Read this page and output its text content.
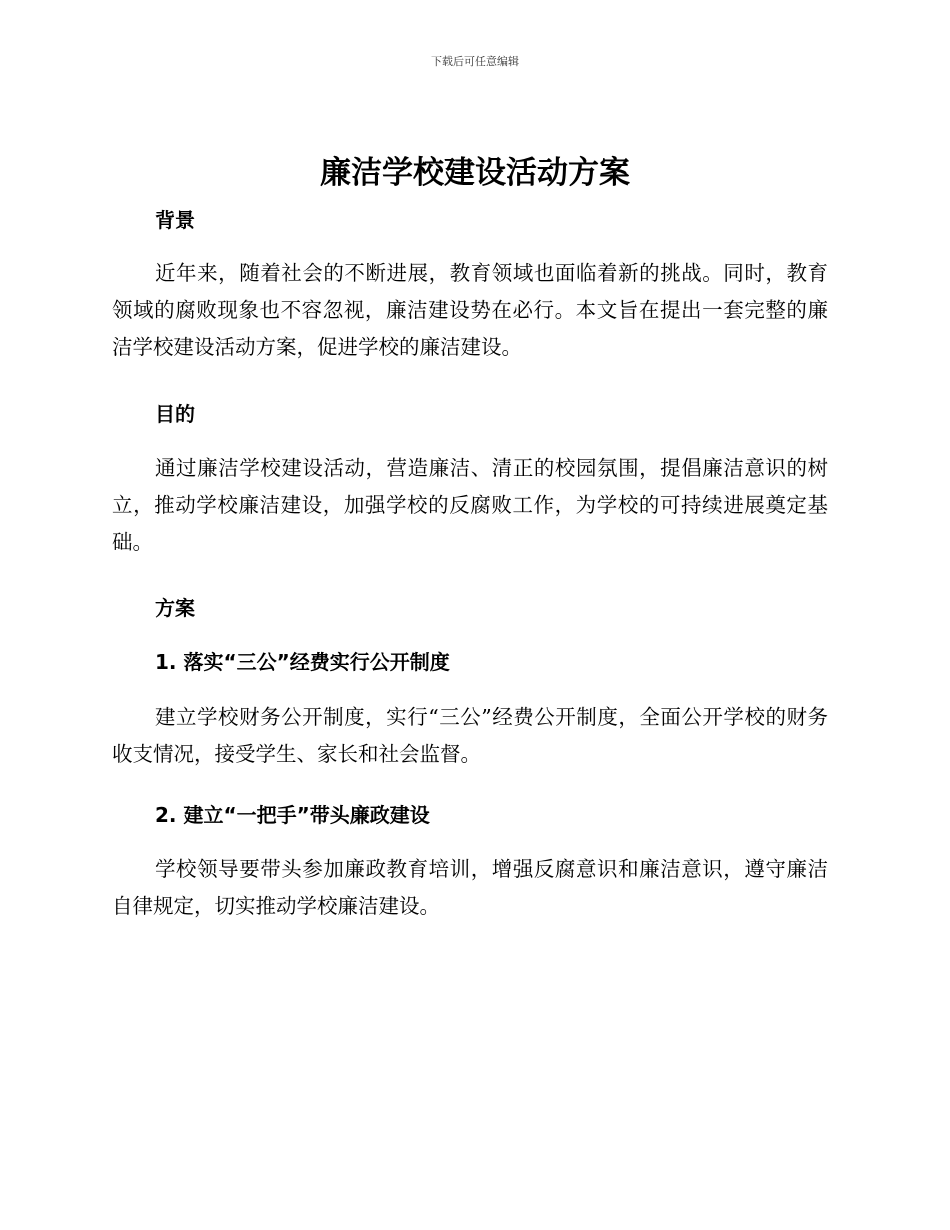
下载后可任意编辑
廉洁学校建设活动方案
背景

近年来，随着社会的不断进展，教育领域也面临着新的挑战。同时，教育领域的腐败现象也不容忽视，廉洁建设势在必行。本文旨在提出一套完整的廉洁学校建设活动方案，促进学校的廉洁建设。

目的

通过廉洁学校建设活动，营造廉洁、清正的校园氛围，提倡廉洁意识的树立，推动学校廉洁建设，加强学校的反腐败工作，为学校的可持续进展奠定基础。

方案
1. 落实“三公”经费实行公开制度

建立学校财务公开制度，实行“三公”经费公开制度，全面公开学校的财务收支情况，接受学生、家长和社会监督。

2. 建立“一把手”带头廉政建设

学校领导要带头参加廉政教育培训，增强反腐意识和廉洁意识，遵守廉洁自律规定，切实推动学校廉洁建设。
